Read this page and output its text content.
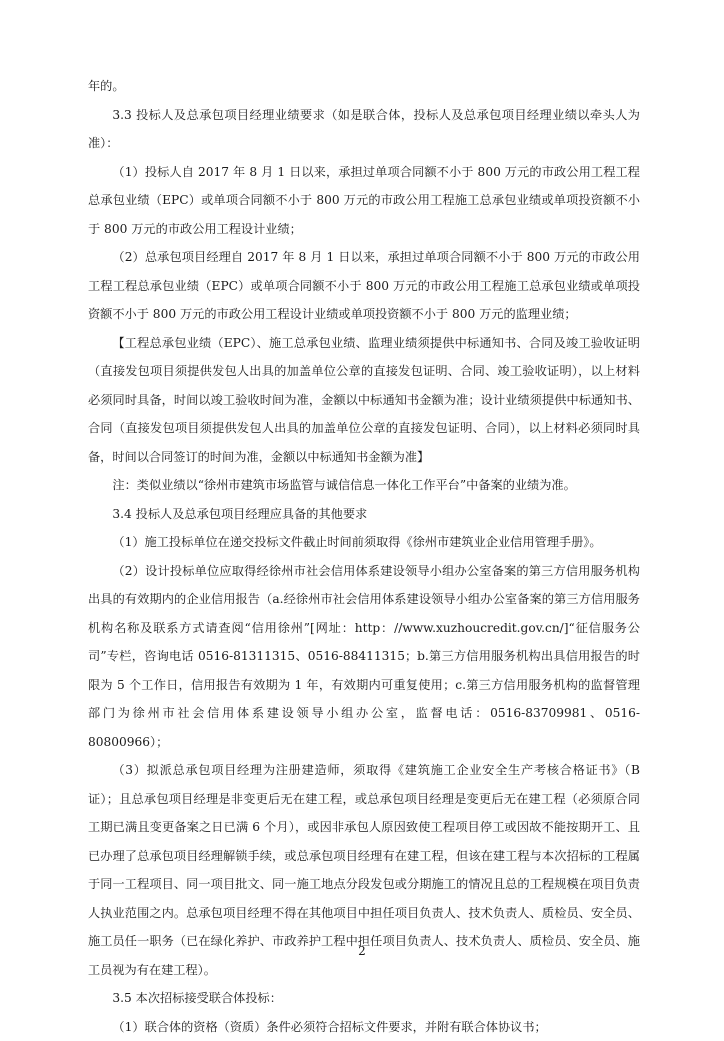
年的。

3.3 投标人及总承包项目经理业绩要求（如是联合体，投标人及总承包项目经理业绩以牵头人为准）：

（1）投标人自 2017 年 8 月 1 日以来，承担过单项合同额不小于 800 万元的市政公用工程工程总承包业绩（EPC）或单项合同额不小于 800 万元的市政公用工程施工总承包业绩或单项投资额不小于 800 万元的市政公用工程设计业绩；

（2）总承包项目经理自 2017 年 8 月 1 日以来，承担过单项合同额不小于 800 万元的市政公用工程工程总承包业绩（EPC）或单项合同额不小于 800 万元的市政公用工程施工总承包业绩或单项投资额不小于 800 万元的市政公用工程设计业绩或单项投资额不小于 800 万元的监理业绩；

【工程总承包业绩（EPC）、施工总承包业绩、监理业绩须提供中标通知书、合同及竣工验收证明（直接发包项目须提供发包人出具的加盖单位公章的直接发包证明、合同、竣工验收证明），以上材料必须同时具备，时间以竣工验收时间为准，金额以中标通知书金额为准；设计业绩须提供中标通知书、合同（直接发包项目须提供发包人出具的加盖单位公章的直接发包证明、合同），以上材料必须同时具备，时间以合同签订的时间为准，金额以中标通知书金额为准】

注：类似业绩以“徐州市建筑市场监管与诚信信息一体化工作平台”中备案的业绩为准。

3.4 投标人及总承包项目经理应具备的其他要求

（1）施工投标单位在递交投标文件截止时间前须取得《徐州市建筑业企业信用管理手册》。

（2）设计投标单位应取得经徐州市社会信用体系建设领导小组办公室备案的第三方信用服务机构出具的有效期内的企业信用报告（a.经徐州市社会信用体系建设领导小组办公室备案的第三方信用服务机构名称及联系方式请查阅“信用徐州”[网址：http：//www.xuzhoucredit.gov.cn/]“征信服务公司”专栏，咨询电话 0516-81311315、0516-88411315；b.第三方信用服务机构出具信用报告的时限为 5 个工作日，信用报告有效期为 1 年，有效期内可重复使用；c.第三方信用服务机构的监督管理部门为徐州市社会信用体系建设领导小组办公室，监督电话：0516-83709981、0516-80800966）；

（3）拟派总承包项目经理为注册建造师，须取得《建筑施工企业安全生产考核合格证书》（B证）；且总承包项目经理是非变更后无在建工程，或总承包项目经理是变更后无在建工程（必须原合同工期已满且变更备案之日已满 6 个月），或因非承包人原因致使工程项目停工或因故不能按期开工、且已办理了总承包项目经理解锁手续，或总承包项目经理有在建工程，但该在建工程与本次招标的工程属于同一工程项目、同一项目批文、同一施工地点分段发包或分期施工的情况且总的工程规模在项目负责人执业范围之内。总承包项目经理不得在其他项目中担任项目负责人、技术负责人、质检员、安全员、施工员任一职务（已在绿化养护、市政养护工程中担任项目负责人、技术负责人、质检员、安全员、施工员视为有在建工程）。

3.5 本次招标接受联合体投标：

（1）联合体的资格（资质）条件必须符合招标文件要求，并附有联合体协议书；

2
